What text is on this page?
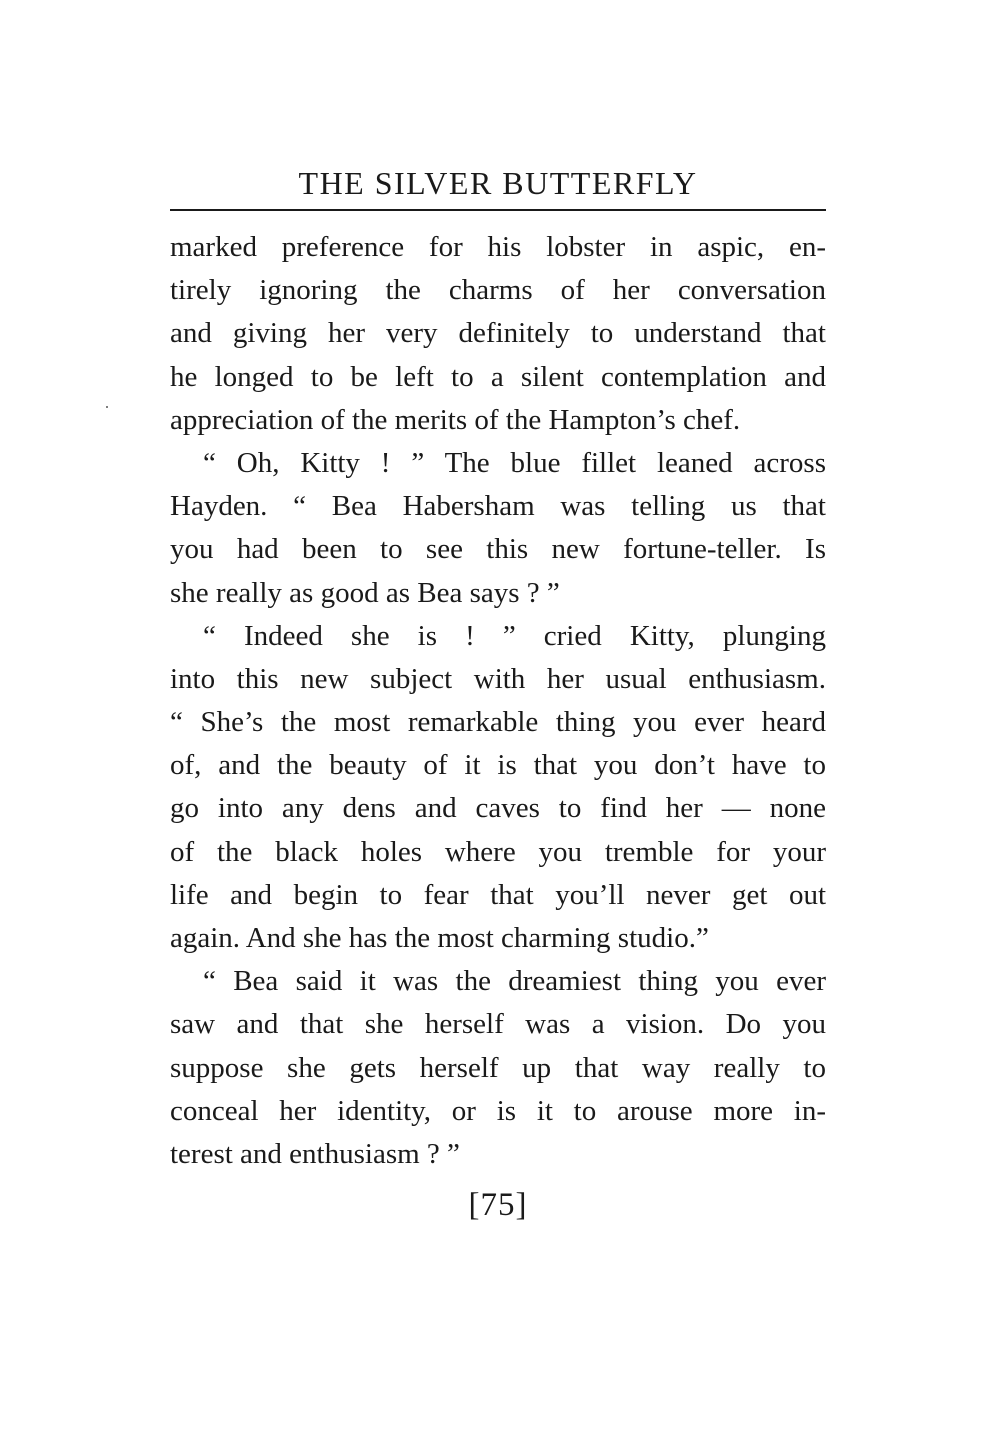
THE SILVER BUTTERFLY
marked preference for his lobster in aspic, en-
tirely ignoring the charms of her conversation
and giving her very definitely to understand that
he longed to be left to a silent contemplation and
appreciation of the merits of the Hampton’s chef.
“ Oh, Kitty ! ” The blue fillet leaned across
Hayden. “ Bea Habersham was telling us that
you had been to see this new fortune-teller. Is
she really as good as Bea says ? ”
“ Indeed she is ! ” cried Kitty, plunging
into this new subject with her usual enthusiasm.
“ She’s the most remarkable thing you ever heard
of, and the beauty of it is that you don’t have to
go into any dens and caves to find her — none
of the black holes where you tremble for your
life and begin to fear that you’ll never get out
again. And she has the most charming studio.”
“ Bea said it was the dreamiest thing you ever
saw and that she herself was a vision. Do you
suppose she gets herself up that way really to
conceal her identity, or is it to arouse more in-
terest and enthusiasm ? ”
[75]
